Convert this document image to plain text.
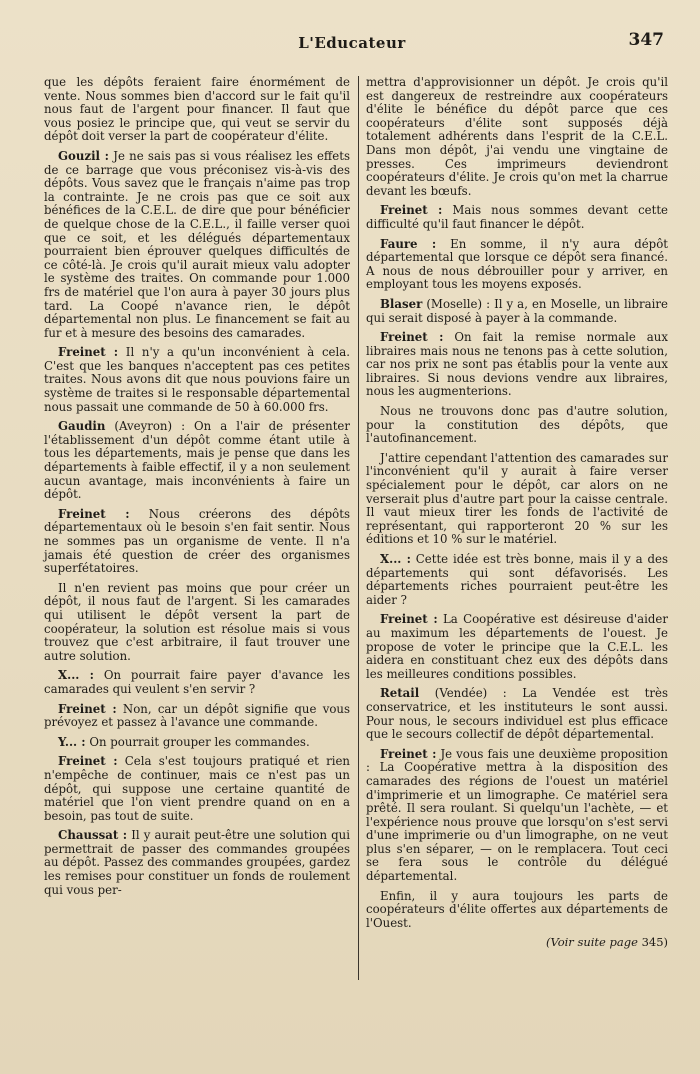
L'Educateur	347

que les dépôts feraient faire énormément de vente. Nous sommes bien d'accord sur le fait qu'il nous faut de l'argent pour financer. Il faut que vous posiez le principe que, qui veut se servir du dépôt doit verser la part de coopérateur d'élite.

Gouzil : Je ne sais pas si vous réalisez les effets de ce barrage que vous préconisez vis-à-vis des dépôts. Vous savez que le français n'aime pas trop la contrainte. Je ne crois pas que ce soit aux bénéfices de la C.E.L. de dire que pour bénéficier de quelque chose de la C.E.L., il faille verser quoi que ce soit, et les délégués départementaux pourraient bien éprouver quelques difficultés de ce côté-là. Je crois qu'il aurait mieux valu adopter le système des traites. On commande pour 1.000 frs de matériel que l'on aura à payer 30 jours plus tard. La Coopé n'avance rien, le dépôt départemental non plus. Le financement se fait au fur et à mesure des besoins des camarades.

Freinet : Il n'y a qu'un inconvénient à cela. C'est que les banques n'acceptent pas ces petites traites. Nous avons dit que nous pouvions faire un système de traites si le responsable départemental nous passait une commande de 50 à 60.000 frs.

Gaudin (Aveyron) : On a l'air de présenter l'établissement d'un dépôt comme étant utile à tous les départements, mais je pense que dans les départements à faible effectif, il y a non seulement aucun avantage, mais inconvénients à faire un dépôt.

Freinet : Nous créerons des dépôts départementaux où le besoin s'en fait sentir. Nous ne sommes pas un organisme de vente. Il n'a jamais été question de créer des organismes superfétatoires.

Il n'en revient pas moins que pour créer un dépôt, il nous faut de l'argent. Si les camarades qui utilisent le dépôt versent la part de coopérateur, la solution est résolue mais si vous trouvez que c'est arbitraire, il faut trouver une autre solution.

X... : On pourrait faire payer d'avance les camarades qui veulent s'en servir ?

Freinet : Non, car un dépôt signifie que vous prévoyez et passez à l'avance une commande.

Y... : On pourrait grouper les commandes.

Freinet : Cela s'est toujours pratiqué et rien n'empêche de continuer, mais ce n'est pas un dépôt, qui suppose une certaine quantité de matériel que l'on vient prendre quand on en a besoin, pas tout de suite.

Chaussat : Il y aurait peut-être une solution qui permettrait de passer des commandes groupées au dépôt. Passez des commandes groupées, gardez les remises pour constituer un fonds de roulement qui vous per-

mettra d'approvisionner un dépôt. Je crois qu'il est dangereux de restreindre aux coopérateurs d'élite le bénéfice du dépôt parce que ces coopérateurs d'élite sont supposés déjà totalement adhérents dans l'esprit de la C.E.L. Dans mon dépôt, j'ai vendu une vingtaine de presses. Ces imprimeurs deviendront coopérateurs d'élite. Je crois qu'on met la charrue devant les bœufs.

Freinet : Mais nous sommes devant cette difficulté qu'il faut financer le dépôt.

Faure : En somme, il n'y aura dépôt départemental que lorsque ce dépôt sera financé. A nous de nous débrouiller pour y arriver, en employant tous les moyens exposés.

Blaser (Moselle) : Il y a, en Moselle, un libraire qui serait disposé à payer à la commande.

Freinet : On fait la remise normale aux libraires mais nous ne tenons pas à cette solution, car nos prix ne sont pas établis pour la vente aux libraires. Si nous devions vendre aux libraires, nous les augmenterions.

Nous ne trouvons donc pas d'autre solution, pour la constitution des dépôts, que l'autofinancement.

J'attire cependant l'attention des camarades sur l'inconvénient qu'il y aurait à faire verser spécialement pour le dépôt, car alors on ne verserait plus d'autre part pour la caisse centrale. Il vaut mieux tirer les fonds de l'activité de représentant, qui rapporteront 20 % sur les éditions et 10 % sur le matériel.

X... : Cette idée est très bonne, mais il y a des départements qui sont défavorisés. Les départements riches pourraient peut-être les aider ?

Freinet : La Coopérative est désireuse d'aider au maximum les départements de l'ouest. Je propose de voter le principe que la C.E.L. les aidera en constituant chez eux des dépôts dans les meilleures conditions possibles.

Retail (Vendée) : La Vendée est très conservatrice, et les instituteurs le sont aussi. Pour nous, le secours individuel est plus efficace que le secours collectif de dépôt départemental.

Freinet : Je vous fais une deuxième proposition : La Coopérative mettra à la disposition des camarades des régions de l'ouest un matériel d'imprimerie et un limographe. Ce matériel sera prêté. Il sera roulant. Si quelqu'un l'achète, — et l'expérience nous prouve que lorsqu'on s'est servi d'une imprimerie ou d'un limographe, on ne veut plus s'en séparer, — on le remplacera. Tout ceci se fera sous le contrôle du délégué départemental.

Enfin, il y aura toujours les parts de coopérateurs d'élite offertes aux départements de l'Ouest.

(Voir suite page 345)
